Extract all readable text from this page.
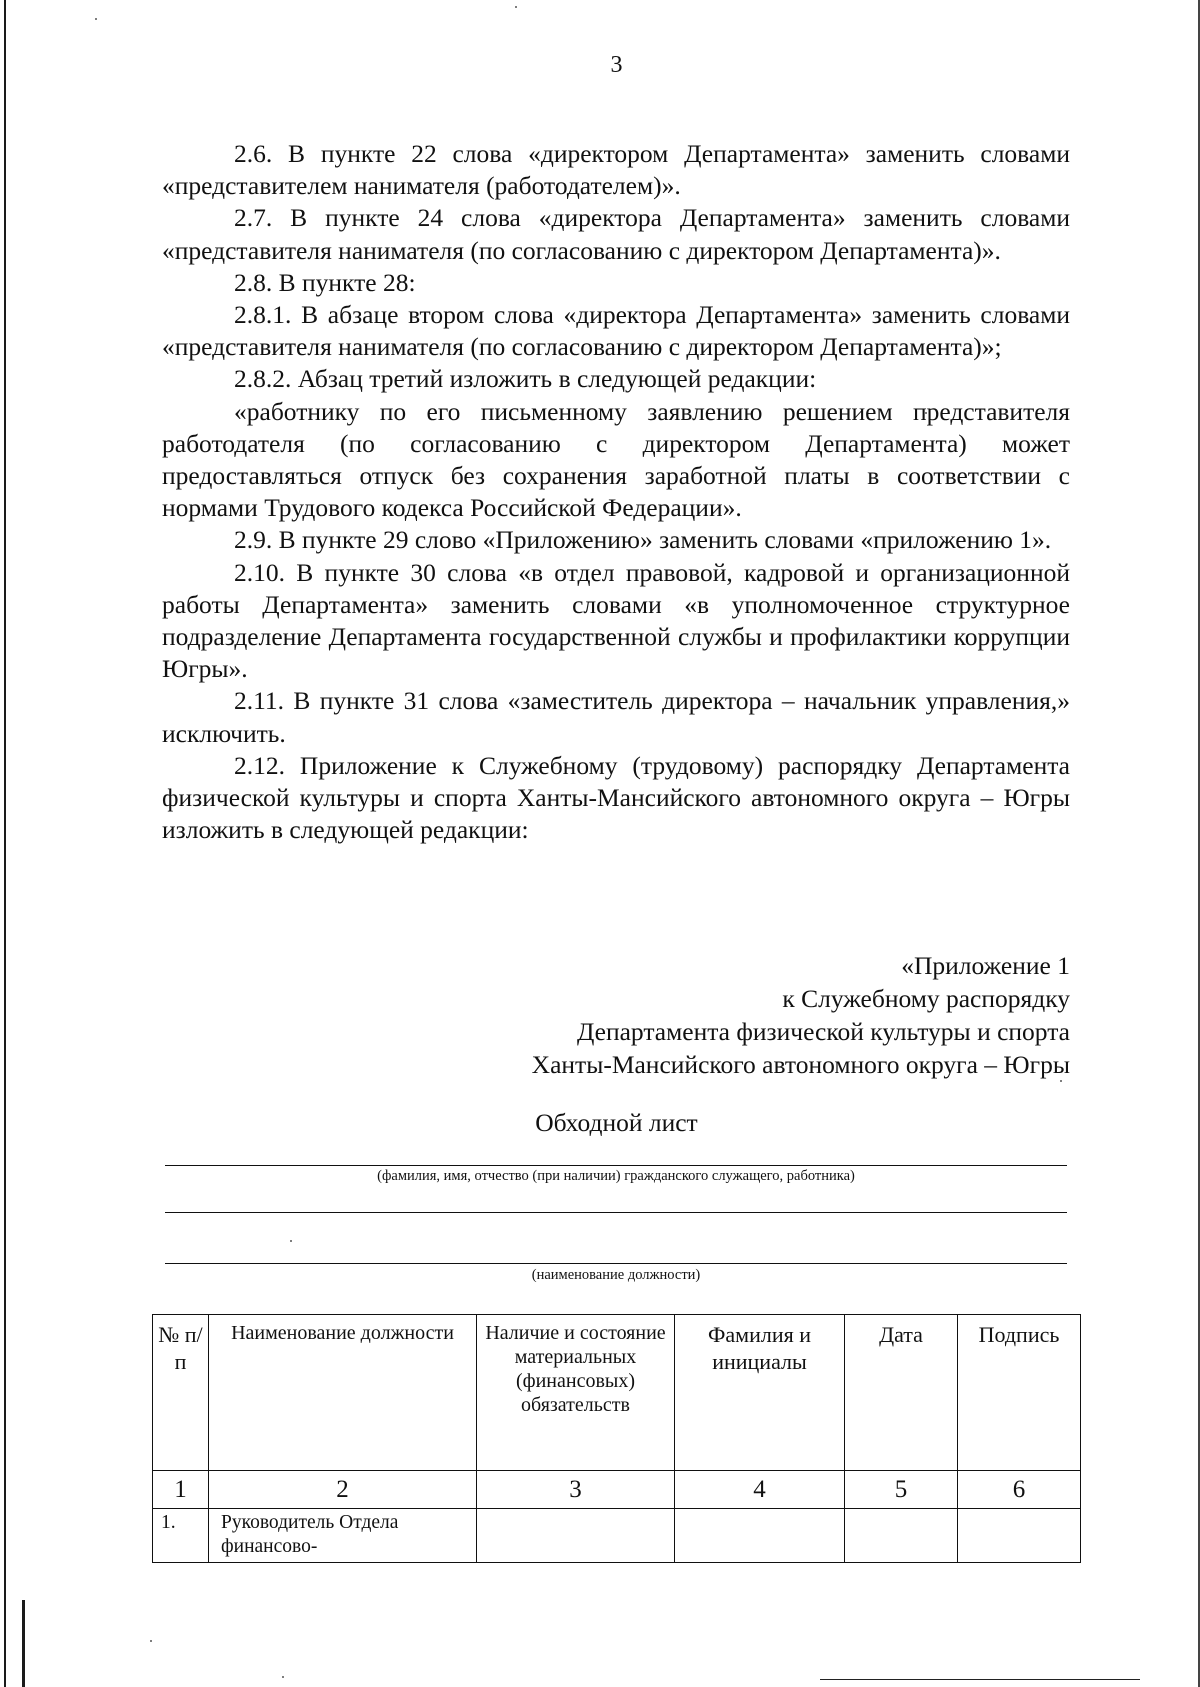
3

2.6. В пункте 22 слова «директором Департамента» заменить словами «представителем нанимателя (работодателем)».

2.7. В пункте 24 слова «директора Департамента» заменить словами «представителя нанимателя (по согласованию с директором Департамента)».

2.8. В пункте 28:

2.8.1. В абзаце втором слова «директора Департамента» заменить словами «представителя нанимателя (по согласованию с директором Департамента)»;

2.8.2. Абзац третий изложить в следующей редакции:

«работнику по его письменному заявлению решением представителя работодателя (по согласованию с директором Департамента) может предоставляться отпуск без сохранения заработной платы в соответствии с нормами Трудового кодекса Российской Федерации».

2.9. В пункте 29 слово «Приложению» заменить словами «приложению 1».

2.10. В пункте 30 слова «в отдел правовой, кадровой и организационной работы Департамента» заменить словами «в уполномоченное структурное подразделение Департамента государственной службы и профилактики коррупции Югры».

2.11. В пункте 31 слова «заместитель директора – начальник управления,» исключить.

2.12. Приложение к Служебному (трудовому) распорядку Департамента физической культуры и спорта Ханты-Мансийского автономного округа – Югры изложить в следующей редакции:

«Приложение 1
к Служебному распорядку
Департамента физической культуры и спорта
Ханты-Мансийского автономного округа – Югры
Обходной лист
(фамилия, имя, отчество (при наличии) гражданского служащего, работника)
(наименование должности)
№ п/п	Наименование должности	Наличие и состояние материальных (финансовых) обязательств	Фамилия и инициалы	Дата	Подпись
1	2	3	4	5	6
1.	Руководитель Отдела финансово-				
